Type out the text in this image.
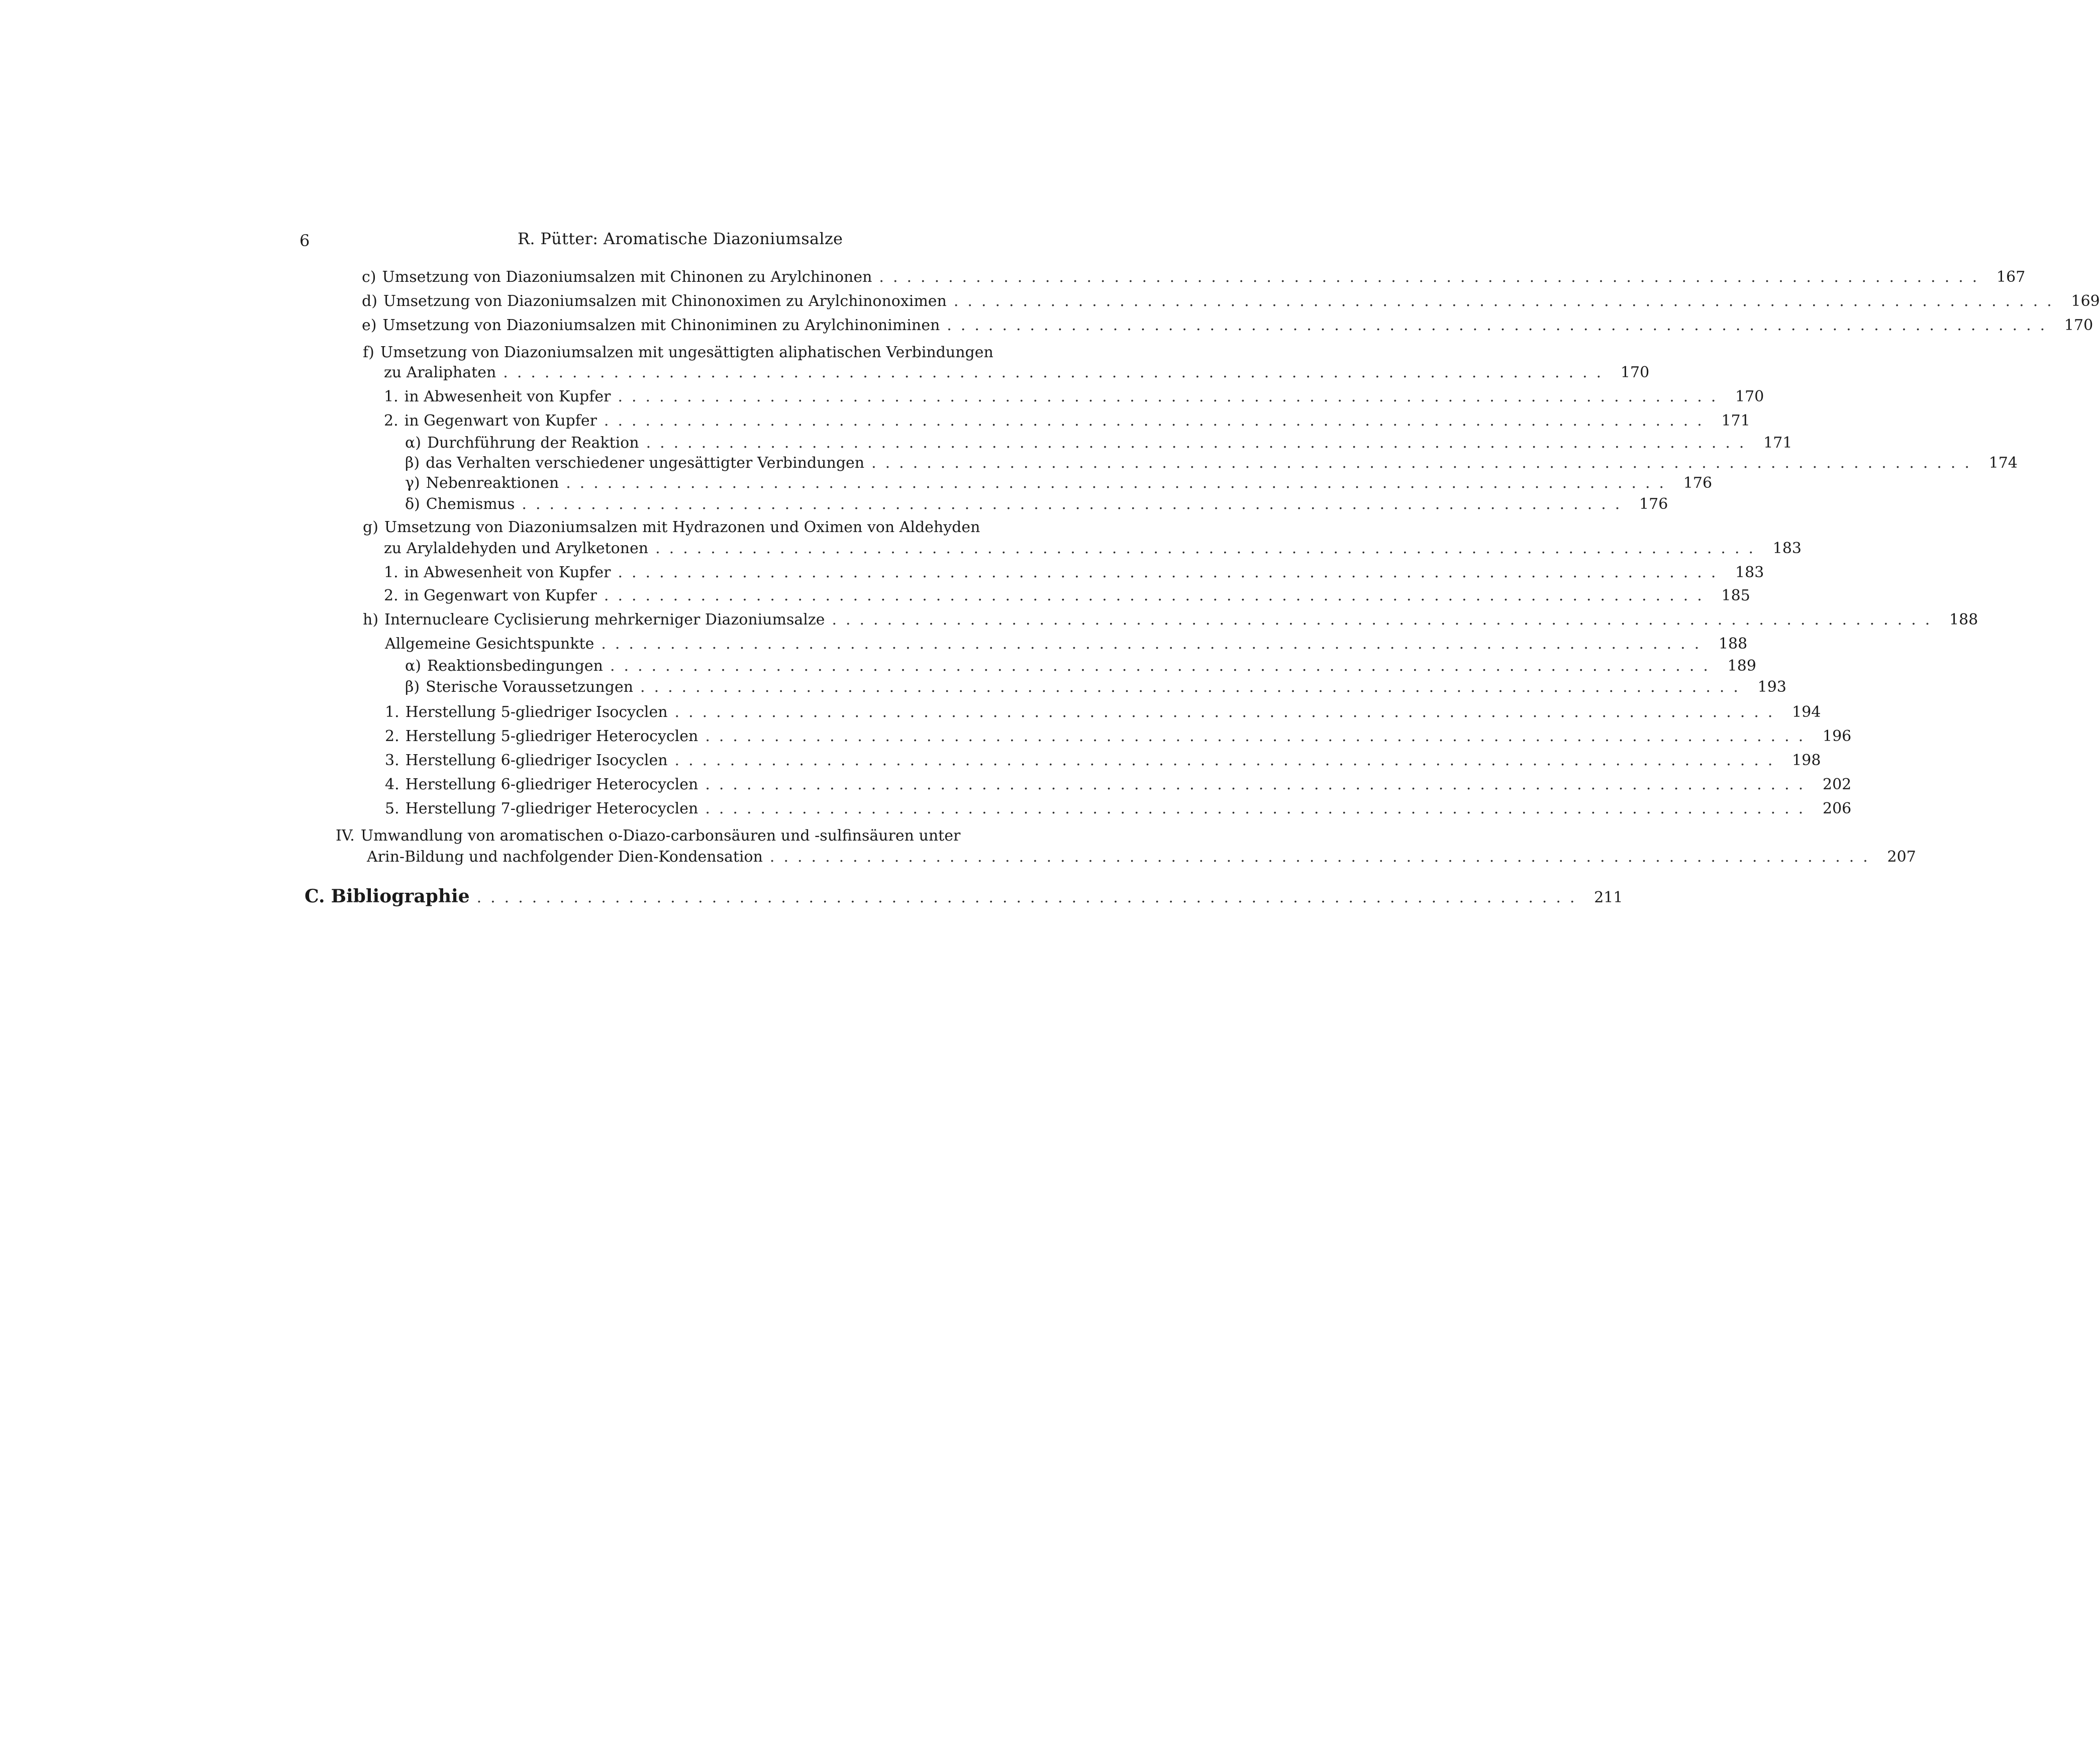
6	R. Pütter: Aromatische Diazoniumsalze
c) Umsetzung von Diazoniumsalzen mit Chinonen zu Arylchinonen ................................................................................ 167
d) Umsetzung von Diazoniumsalzen mit Chinonoximen zu Arylchinonoximen ................................................................................ 169
e) Umsetzung von Diazoniumsalzen mit Chinoniminen zu Arylchinoniminen ................................................................................ 170
f) Umsetzung von Diazoniumsalzen mit ungesättigten aliphatischen Verbindungen
zu Araliphaten ................................................................................ 170
1. in Abwesenheit von Kupfer ................................................................................ 170
2. in Gegenwart von Kupfer ................................................................................ 171
α) Durchführung der Reaktion ................................................................................ 171
β) das Verhalten verschiedener ungesättigter Verbindungen ................................................................................ 174
γ) Nebenreaktionen ................................................................................ 176
δ) Chemismus ................................................................................ 176
g) Umsetzung von Diazoniumsalzen mit Hydrazonen und Oximen von Aldehyden
zu Arylaldehyden und Arylketonen ................................................................................ 183
1. in Abwesenheit von Kupfer ................................................................................ 183
2. in Gegenwart von Kupfer ................................................................................ 185
h) Internucleare Cyclisierung mehrkerniger Diazoniumsalze ................................................................................ 188
Allgemeine Gesichtspunkte ................................................................................ 188
α) Reaktionsbedingungen ................................................................................ 189
β) Sterische Voraussetzungen ................................................................................ 193
1. Herstellung 5-gliedriger Isocyclen ................................................................................ 194
2. Herstellung 5-gliedriger Heterocyclen ................................................................................ 196
3. Herstellung 6-gliedriger Isocyclen ................................................................................ 198
4. Herstellung 6-gliedriger Heterocyclen ................................................................................ 202
5. Herstellung 7-gliedriger Heterocyclen ................................................................................ 206
IV. Umwandlung von aromatischen o-Diazo-carbonsäuren und -sulfinsäuren unter
Arin-Bildung und nachfolgender Dien-Kondensation ................................................................................ 207
C. Bibliographie ................................................................................ 211
